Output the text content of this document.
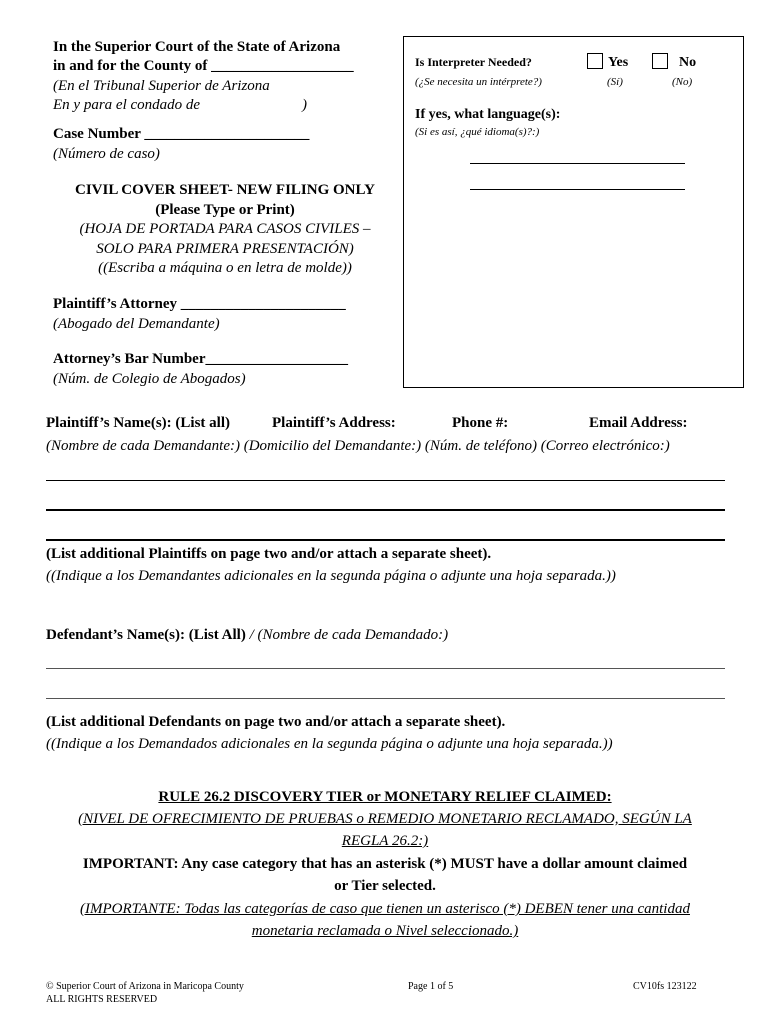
In the Superior Court of the State of Arizona
in and for the County of ___________________
(En el Tribunal Superior de Arizona
En y para el condado de	)
Case Number ______________________
(Número de caso)
CIVIL COVER SHEET- NEW FILING ONLY
(Please Type or Print)
(HOJA DE PORTADA PARA CASOS CIVILES –
SOLO PARA PRIMERA PRESENTACIÓN)
((Escriba a máquina o en letra de molde))
Plaintiff’s Attorney ______________________
(Abogado del Demandante)
Attorney’s Bar Number___________________
(Núm. de Colegio de Abogados)
Is Interpreter Needed?
(¿Se necesita un intérprete?)
Yes
(Sí)
No
(No)
If yes, what language(s):
(Si es así, ¿qué idioma(s)?:)
Plaintiff’s Name(s): (List all)	Plaintiff’s Address:	Phone #:	Email Address:
(Nombre de cada Demandante:) (Domicilio del Demandante:) (Núm. de teléfono) (Correo electrónico:)
(List additional Plaintiffs on page two and/or attach a separate sheet).
((Indique a los Demandantes adicionales en la segunda página o adjunte una hoja separada.))
Defendant’s Name(s): (List All) / (Nombre de cada Demandado:)
(List additional Defendants on page two and/or attach a separate sheet).
((Indique a los Demandados adicionales en la segunda página o adjunte una hoja separada.))
RULE 26.2 DISCOVERY TIER or MONETARY RELIEF CLAIMED:
(NIVEL DE OFRECIMIENTO DE PRUEBAS o REMEDIO MONETARIO RECLAMADO, SEGÚN LA
REGLA 26.2:)
IMPORTANT: Any case category that has an asterisk (*) MUST have a dollar amount claimed
or Tier selected.
(IMPORTANTE: Todas las categorías de caso que tienen un asterisco (*) DEBEN tener una cantidad
monetaria reclamada o Nivel seleccionado.)
© Superior Court of Arizona in Maricopa County
ALL RIGHTS RESERVED
Page 1 of 5	CV10fs 123122
